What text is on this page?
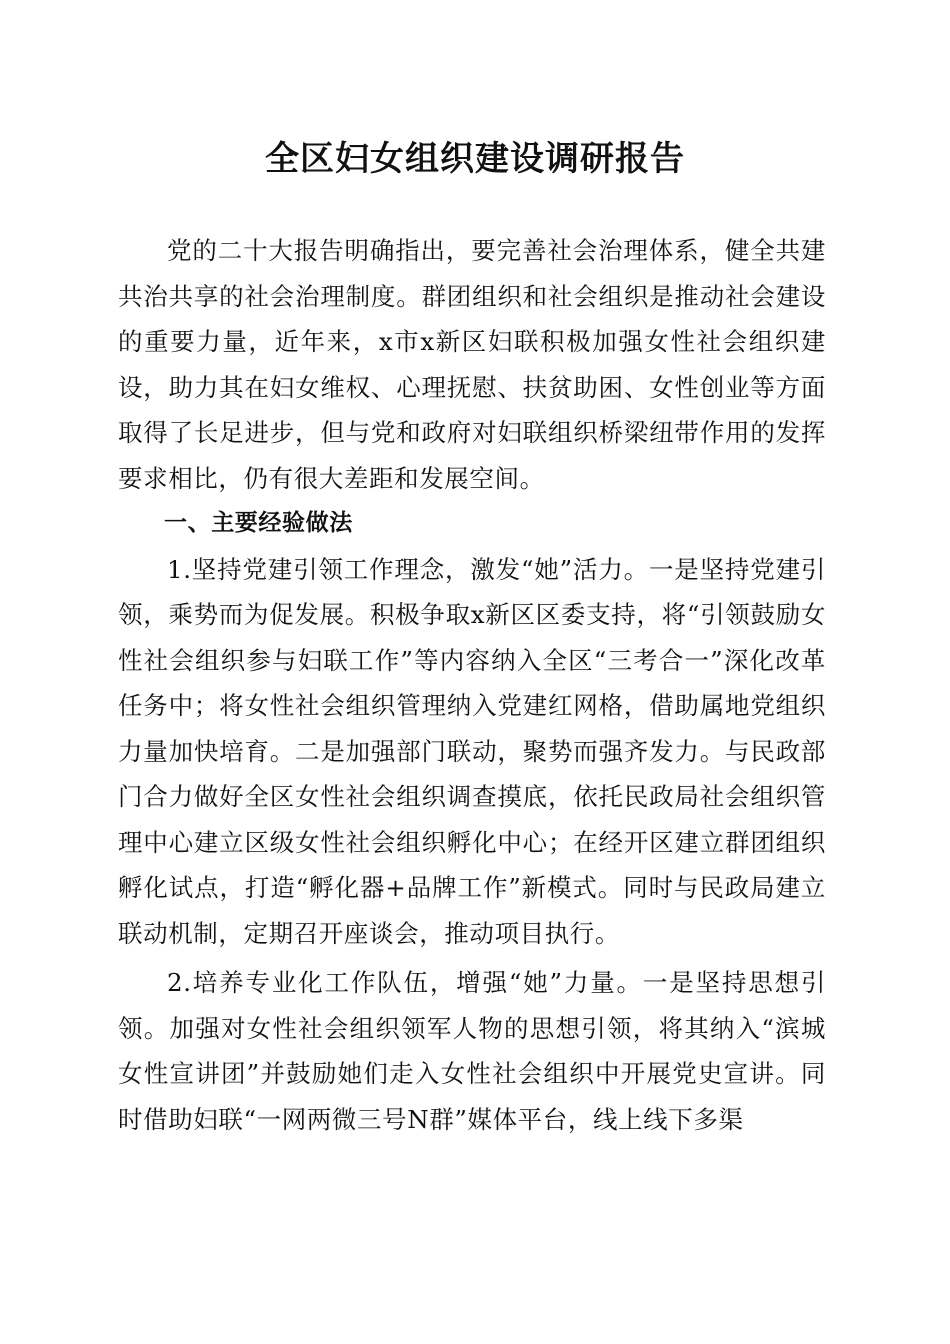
全区妇女组织建设调研报告

党的二十大报告明确指出，要完善社会治理体系，健全共建共治共享的社会治理制度。群团组织和社会组织是推动社会建设的重要力量，近年来，x市x新区妇联积极加强女性社会组织建设，助力其在妇女维权、心理抚慰、扶贫助困、女性创业等方面取得了长足进步，但与党和政府对妇联组织桥梁纽带作用的发挥要求相比，仍有很大差距和发展空间。

一、主要经验做法

1.坚持党建引领工作理念，激发“她”活力。一是坚持党建引领，乘势而为促发展。积极争取x新区区委支持，将“引领鼓励女性社会组织参与妇联工作”等内容纳入全区“三考合一”深化改革任务中；将女性社会组织管理纳入党建红网格，借助属地党组织力量加快培育。二是加强部门联动，聚势而强齐发力。与民政部门合力做好全区女性社会组织调查摸底，依托民政局社会组织管理中心建立区级女性社会组织孵化中心；在经开区建立群团组织孵化试点，打造“孵化器+品牌工作”新模式。同时与民政局建立联动机制，定期召开座谈会，推动项目执行。

2.培养专业化工作队伍，增强“她”力量。一是坚持思想引领。加强对女性社会组织领军人物的思想引领，将其纳入“滨城女性宣讲团”并鼓励她们走入女性社会组织中开展党史宣讲。同时借助妇联“一网两微三号N群”媒体平台，线上线下多渠
